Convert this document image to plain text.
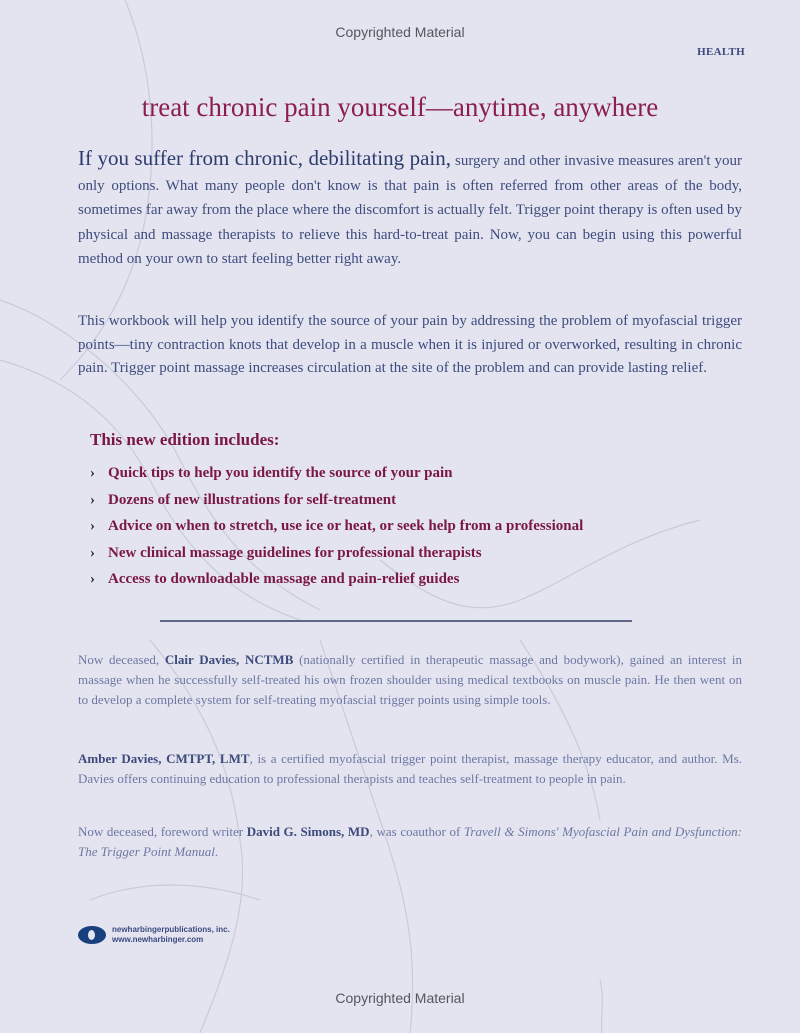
Copyrighted Material
HEALTH
treat chronic pain yourself—anytime, anywhere
If you suffer from chronic, debilitating pain, surgery and other invasive measures aren't your only options. What many people don't know is that pain is often referred from other areas of the body, sometimes far away from the place where the discomfort is actually felt. Trigger point therapy is often used by physical and massage therapists to relieve this hard-to-treat pain. Now, you can begin using this powerful method on your own to start feeling better right away.
This workbook will help you identify the source of your pain by addressing the problem of myofascial trigger points—tiny contraction knots that develop in a muscle when it is injured or overworked, resulting in chronic pain. Trigger point massage increases circulation at the site of the problem and can provide lasting relief.
This new edition includes:
› Quick tips to help you identify the source of your pain
› Dozens of new illustrations for self-treatment
› Advice on when to stretch, use ice or heat, or seek help from a professional
› New clinical massage guidelines for professional therapists
› Access to downloadable massage and pain-relief guides
Now deceased, Clair Davies, NCTMB (nationally certified in therapeutic massage and bodywork), gained an interest in massage when he successfully self-treated his own frozen shoulder using medical textbooks on muscle pain. He then went on to develop a complete system for self-treating myofascial trigger points using simple tools.
Amber Davies, CMTPT, LMT, is a certified myofascial trigger point therapist, massage therapy educator, and author. Ms. Davies offers continuing education to professional therapists and teaches self-treatment to people in pain.
Now deceased, foreword writer David G. Simons, MD, was coauthor of Travell & Simons' Myofascial Pain and Dysfunction: The Trigger Point Manual.
newharbingerpublications, inc.
www.newharbinger.com
Copyrighted Material
